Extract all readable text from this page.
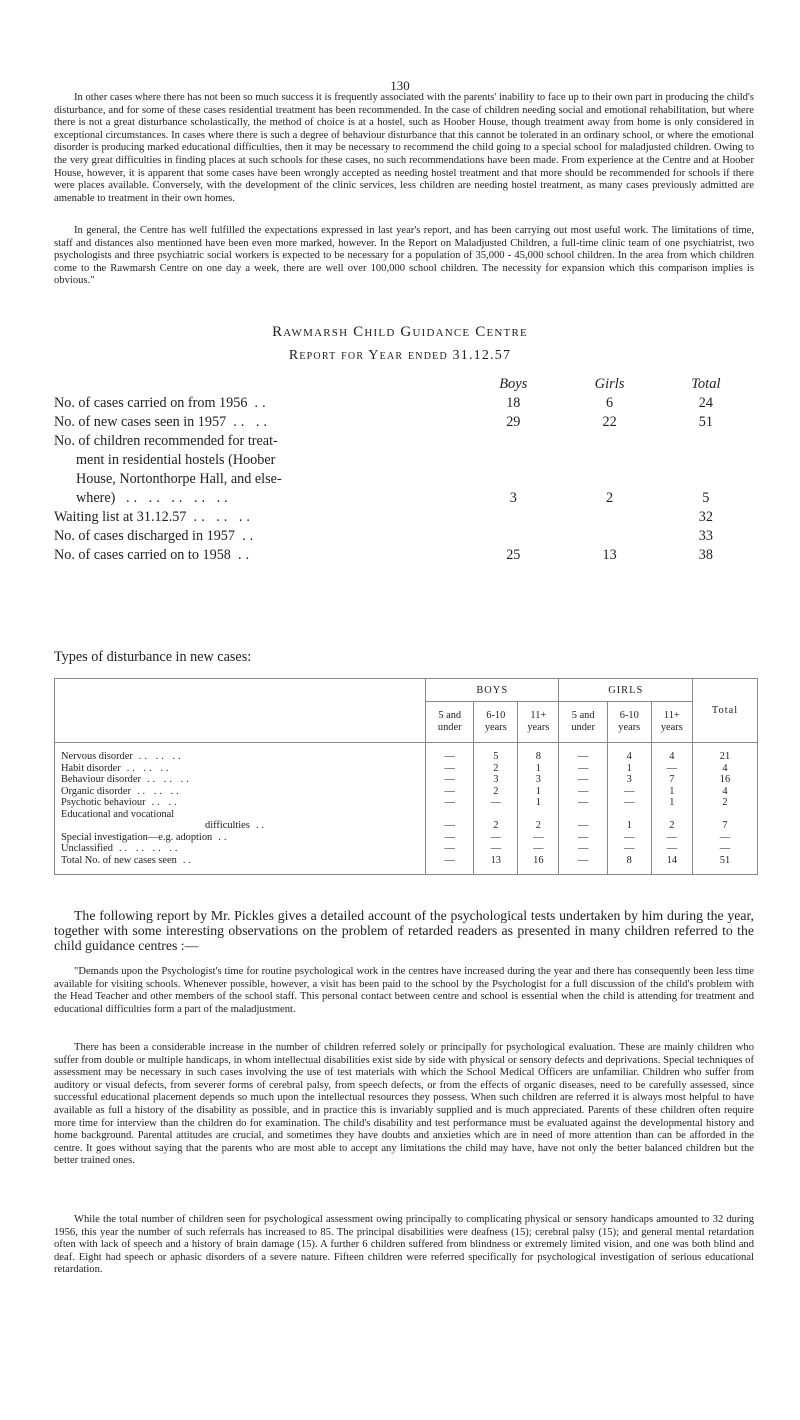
130

In other cases where there has not been so much success it is frequently associated with the parents' inability to face up to their own part in producing the child's disturbance, and for some of these cases residential treatment has been recommended. In the case of children needing social and emotional rehabilitation, but where there is not a great disturbance scholastically, the method of choice is at a hostel, such as Hoober House, though treatment away from home is only considered in exceptional circumstances. In cases where there is such a degree of behaviour disturbance that this cannot be tolerated in an ordinary school, or where the emotional disorder is producing marked educational difficulties, then it may be necessary to recommend the child going to a special school for maladjusted children. Owing to the very great difficulties in finding places at such schools for these cases, no such recommendations have been made. From experience at the Centre and at Hoober House, however, it is apparent that some cases have been wrongly accepted as needing hostel treatment and that more should be recommended for schools if there were places available. Conversely, with the development of the clinic services, less children are needing hostel treatment, as many cases previously admitted are amenable to treatment in their own homes.

In general, the Centre has well fulfilled the expectations expressed in last year's report, and has been carrying out most useful work. The limitations of time, staff and distances also mentioned have been even more marked, however. In the Report on Maladjusted Children, a full-time clinic team of one psychiatrist, two psychologists and three psychiatric social workers is expected to be necessary for a population of 35,000 - 45,000 school children. In the area from which children come to the Rawmarsh Centre on one day a week, there are well over 100,000 school children. The necessity for expansion which this comparison implies is obvious."

Rawmarsh Child Guidance Centre
Report for Year ended 31.12.57
	Boys	Girls	Total
No. of cases carried on from 1956 ..	18	6	24
No. of new cases seen in 1957 .. ..	29	22	51

No. of children recommended for treat-
ment in residential hostels (Hoober
House, Nortonthorpe Hall, and else-
where) .. .. .. .. ..	3	2	5
Waiting list at 31.12.57 .. .. ..			32
No. of cases discharged in 1957 ..			33
No. of cases carried on to 1958 ..	25	13	38
Types of disturbance in new cases:
	BOYS			GIRLS			Total
	5 and under	6-10 years	11+ years	5 and under	6-10 years	11+ years	
Nervous disorder .. .. ..	—	5	8	—	4	4	21
Habit disorder .. .. ..	—	2	1	—	1	—	4
Behaviour disorder .. .. ..	—	3	3	—	3	7	16
Organic disorder .. .. ..	—	2	1	—	—	1	4
Psychotic behaviour .. ..	—	—	1	—	—	1	2
Educational and vocational							
difficulties ..	—	2	2	—	1	2	7
Special investigation—e.g. adoption ..	—	—	—	—	—	—	—
Unclassified .. .. .. ..	—	—	—	—	—	—	—
Total No. of new cases seen ..	—	13	16	—	8	14	51

The following report by Mr. Pickles gives a detailed account of the psychological tests undertaken by him during the year, together with some interesting observations on the problem of retarded readers as presented in many children referred to the child guidance centres :—

"Demands upon the Psychologist's time for routine psychological work in the centres have increased during the year and there has consequently been less time available for visiting schools. Whenever possible, however, a visit has been paid to the school by the Psychologist for a full discussion of the child's problem with the Head Teacher and other members of the school staff. This personal contact between centre and school is essential when the child is attending for treatment and educational difficulties form a part of the maladjustment.

There has been a considerable increase in the number of children referred solely or principally for psychological evaluation. These are mainly children who suffer from double or multiple handicaps, in whom intellectual disabilities exist side by side with physical or sensory defects and deprivations. Special techniques of assessment may be necessary in such cases involving the use of test materials with which the School Medical Officers are unfamiliar. Children who suffer from auditory or visual defects, from severer forms of cerebral palsy, from speech defects, or from the effects of organic diseases, need to be carefully assessed, since successful educational placement depends so much upon the intellectual resources they possess. When such children are referred it is always most helpful to have available as full a history of the disability as possible, and in practice this is invariably supplied and is much appreciated. Parents of these children often require more time for interview than the children do for examination. The child's disability and test performance must be evaluated against the developmental history and home background. Parental attitudes are crucial, and sometimes they have doubts and anxieties which are in need of more attention than can be afforded in the centre. It goes without saying that the parents who are most able to accept any limitations the child may have, have not only the better balanced children but the better trained ones.

While the total number of children seen for psychological assessment owing principally to complicating physical or sensory handicaps amounted to 32 during 1956, this year the number of such referrals has increased to 85. The principal disabilities were deafness (15); cerebral palsy (15); and general mental retardation often with lack of speech and a history of brain damage (15). A further 6 children suffered from blindness or extremely limited vision, and one was both blind and deaf. Eight had speech or aphasic disorders of a severe nature. Fifteen children were referred specifically for psychological investigation of serious educational retardation.
